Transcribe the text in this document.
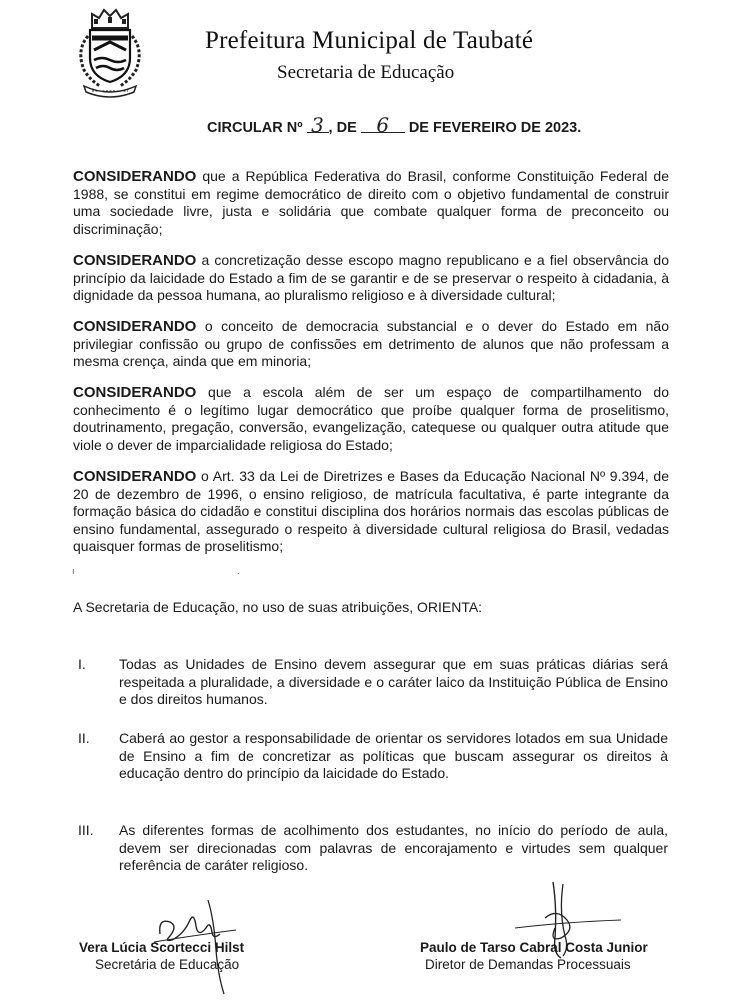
Prefeitura Municipal de Taubaté
Secretaria de Educação
CIRCULAR Nº 3 , DE 6 DE FEVEREIRO DE 2023.
CONSIDERANDO que a República Federativa do Brasil, conforme Constituição Federal de 1988, se constitui em regime democrático de direito com o objetivo fundamental de construir uma sociedade livre, justa e solidária que combate qualquer forma de preconceito ou discriminação;
CONSIDERANDO a concretização desse escopo magno republicano e a fiel observância do princípio da laicidade do Estado a fim de se garantir e de se preservar o respeito à cidadania, à dignidade da pessoa humana, ao pluralismo religioso e à diversidade cultural;
CONSIDERANDO o conceito de democracia substancial e o dever do Estado em não privilegiar confissão ou grupo de confissões em detrimento de alunos que não professam a mesma crença, ainda que em minoria;
CONSIDERANDO que a escola além de ser um espaço de compartilhamento do conhecimento é o legítimo lugar democrático que proíbe qualquer forma de proselitismo, doutrinamento, pregação, conversão, evangelização, catequese ou qualquer outra atitude que viole o dever de imparcialidade religiosa do Estado;
CONSIDERANDO o Art. 33 da Lei de Diretrizes e Bases da Educação Nacional Nº 9.394, de 20 de dezembro de 1996, o ensino religioso, de matrícula facultativa, é parte integrante da formação básica do cidadão e constitui disciplina dos horários normais das escolas públicas de ensino fundamental, assegurado o respeito à diversidade cultural religiosa do Brasil, vedadas quaisquer formas de proselitismo;
ı                                                                 .
A Secretaria de Educação, no uso de suas atribuições, ORIENTA:
I.	Todas as Unidades de Ensino devem assegurar que em suas práticas diárias será respeitada a pluralidade, a diversidade e o caráter laico da Instituição Pública de Ensino e dos direitos humanos.
II.	Caberá ao gestor a responsabilidade de orientar os servidores lotados em sua Unidade de Ensino a fim de concretizar as políticas que buscam assegurar os direitos à educação dentro do princípio da laicidade do Estado.
III.	As diferentes formas de acolhimento dos estudantes, no início do período de aula, devem ser direcionadas com palavras de encorajamento e virtudes sem qualquer referência de caráter religioso.
Vera Lúcia Scortecci Hilst
Secretária de Educação
Paulo de Tarso Cabral Costa Junior
Diretor de Demandas Processuais
